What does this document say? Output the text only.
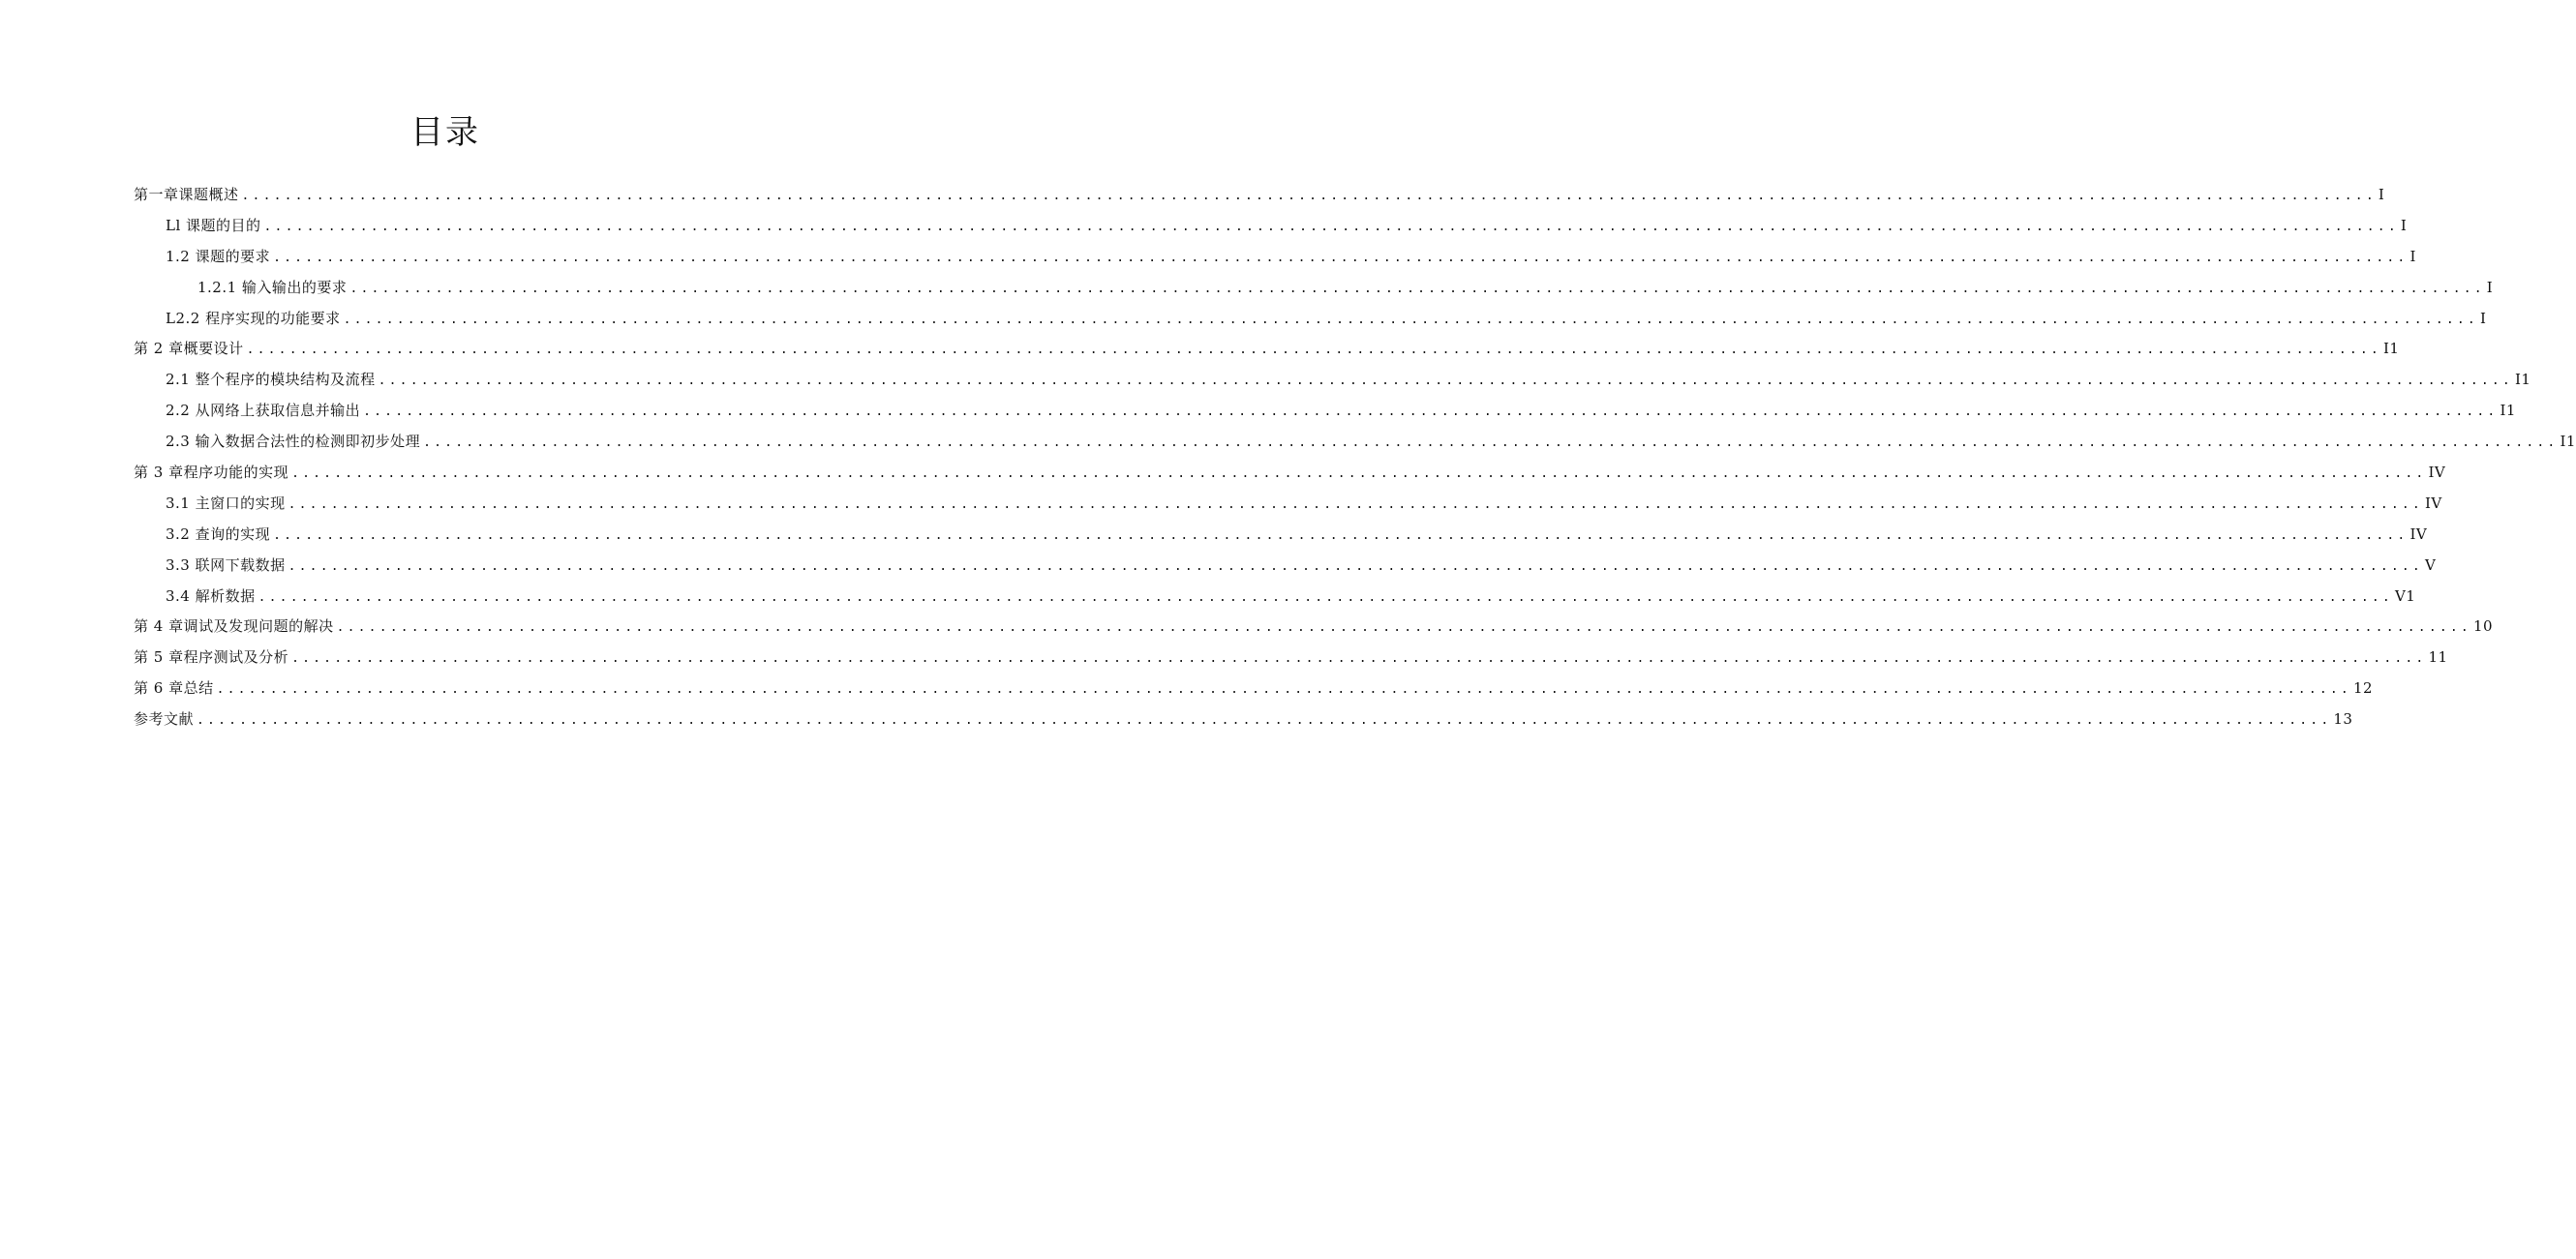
目录
第一章课题概述 ........................................................................................................................................................................................................ I
Ll 课题的目的 ........................................................................................................................................................................................................ I
1.2 课题的要求 ........................................................................................................................................................................................................ I
1.2.1 输入输出的要求 ........................................................................................................................................................................................................ I
L2.2 程序实现的功能要求 ........................................................................................................................................................................................................ I
第 2 章概要设计 ........................................................................................................................................................................................................ I1
2.1 整个程序的模块结构及流程 ........................................................................................................................................................................................................ I1
2.2 从网络上获取信息并输出 ........................................................................................................................................................................................................ I1
2.3 输入数据合法性的检测即初步处理 ........................................................................................................................................................................................................ I1
第 3 章程序功能的实现 ........................................................................................................................................................................................................ IV
3.1 主窗口的实现 ........................................................................................................................................................................................................ IV
3.2 查询的实现 ........................................................................................................................................................................................................ IV
3.3 联网下载数据 ........................................................................................................................................................................................................ V
3.4 解析数据 ........................................................................................................................................................................................................ V1
第 4 章调试及发现问题的解决 ........................................................................................................................................................................................................ 10
第 5 章程序测试及分析 ........................................................................................................................................................................................................ 11
第 6 章总结 ........................................................................................................................................................................................................ 12
参考文献 ........................................................................................................................................................................................................ 13
